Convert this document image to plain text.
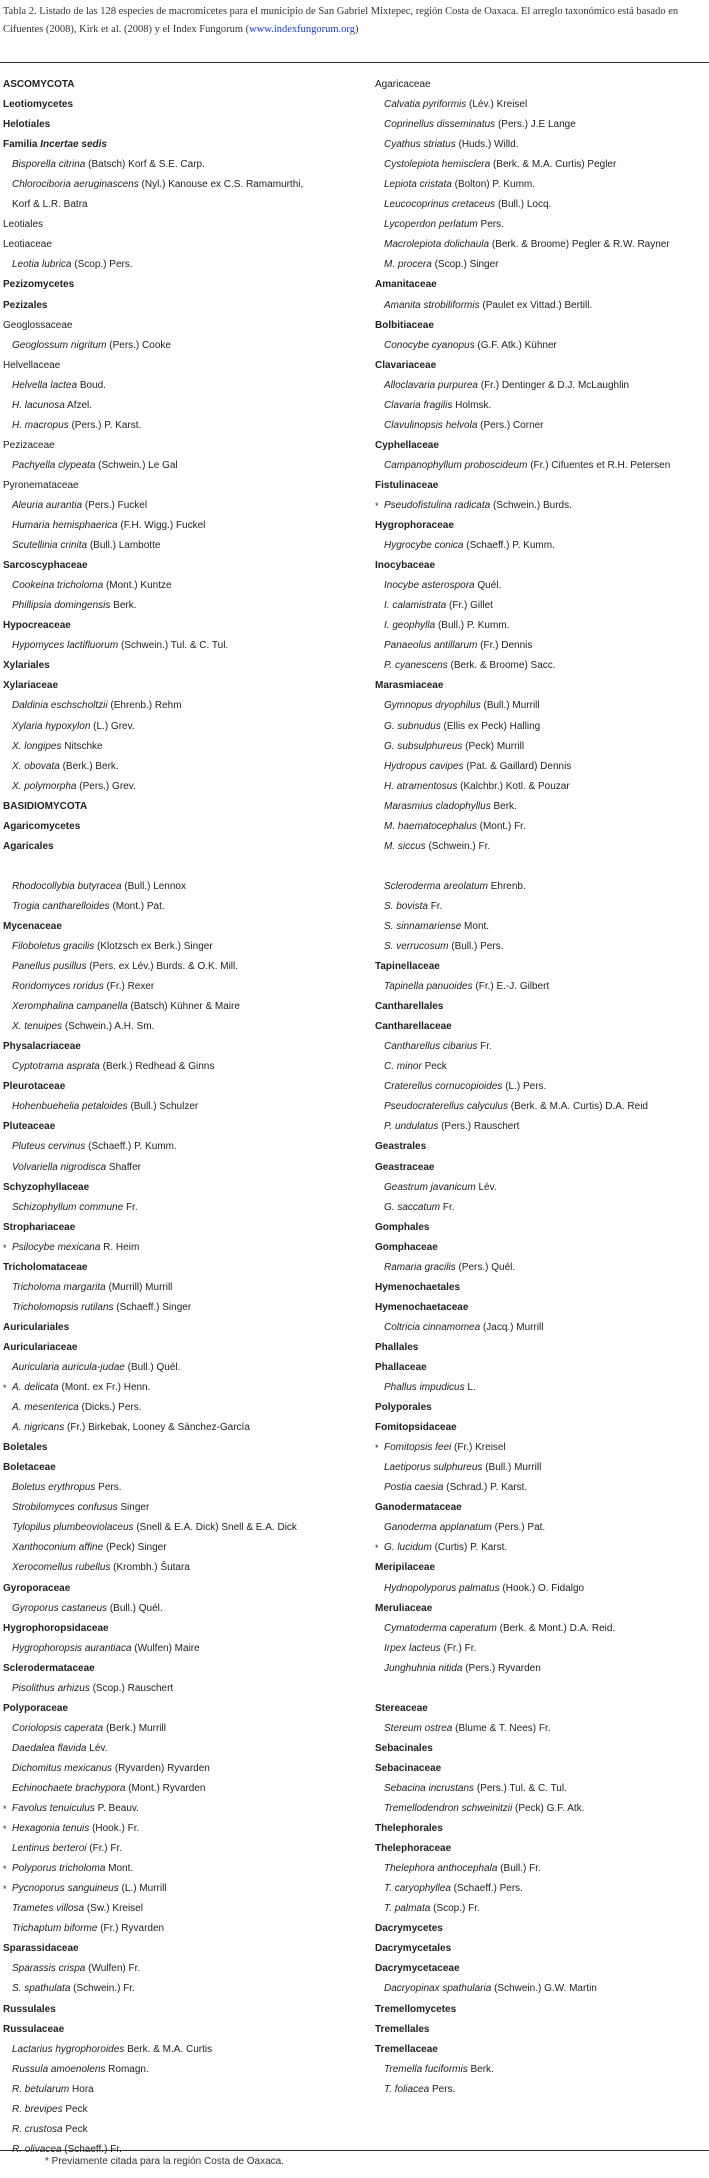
Tabla 2. Listado de las 128 especies de macromicetes para el municipio de San Gabriel Mixtepec, región Costa de Oaxaca. El arreglo taxonómico está basado en Cifuentes (2008), Kirk et al. (2008) y el Index Fungorum (www.indexfungorum.org)
ASCOMYCOTA
Leotiomycetes
Helotiales
Familia Incertae sedis
Bisporella citrina (Batsch) Korf & S.E. Carp.
Chlorociboria aeruginascens (Nyl.) Kanouse ex C.S. Ramamurthi,
Korf & L.R. Batra
Leotiales
Leotiaceae
Leotia lubrica (Scop.) Pers.
Pezizomycetes
Pezizales
Geoglossaceae
Geoglossum nigritum (Pers.) Cooke
Helvellaceae
Helvella lactea Boud.
H. lacunosa Afzel.
H. macropus (Pers.) P. Karst.
Pezizaceae
Pachyella clypeata (Schwein.) Le Gal
Pyronemataceae
Aleuria aurantia (Pers.) Fuckel
Humaria hemisphaerica (F.H. Wigg.) Fuckel
Scutellinia crinita (Bull.) Lambotte
Sarcoscyphaceae
Cookeina tricholoma (Mont.) Kuntze
Phillipsia domingensis Berk.
Hypocreaceae
Hypomyces lactifluorum (Schwein.) Tul. & C. Tul.
Xylariales
Xylariaceae
Daldinia eschscholtzii (Ehrenb.) Rehm
Xylaria hypoxylon (L.) Grev.
X. longipes Nitschke
X. obovata (Berk.) Berk.
X. polymorpha (Pers.) Grev.
BASIDIOMYCOTA
Agaricomycetes
Agaricales
Rhodocollybia butyracea (Bull.) Lennox
Trogia cantharelloides (Mont.) Pat.
Mycenaceae
Filoboletus gracilis (Klotzsch ex Berk.) Singer
Panellus pusillus (Pers. ex Lév.) Burds. & O.K. Mill.
Roridomyces roridus (Fr.) Rexer
Xeromphalina campanella (Batsch) Kühner & Maire
X. tenuipes (Schwein.) A.H. Sm.
Physalacriaceae
Cyptotrama asprata (Berk.) Redhead & Ginns
Pleurotaceae
Hohenbuehelia petaloides (Bull.) Schulzer
Pluteaceae
Pluteus cervinus (Schaeff.) P. Kumm.
Volvariella nigrodisca Shaffer
Schyzophyllaceae
Schizophyllum commune Fr.
Strophariaceae
* Psilocybe mexicana R. Heim
Tricholomataceae
Tricholoma margarita (Murrill) Murrill
Tricholomopsis rutilans (Schaeff.) Singer
Auriculariales
Auriculariaceae
Auricularia auricula-judae (Bull.) Quél.
* A. delicata (Mont. ex Fr.) Henn.
A. mesenterica (Dicks.) Pers.
A. nigricans (Fr.) Birkebak, Looney & Sánchez-García
Boletales
Boletaceae
Boletus erythropus Pers.
Strobilomyces confusus Singer
Tylopilus plumbeoviolaceus (Snell & E.A. Dick) Snell & E.A. Dick
Xanthoconium affine (Peck) Singer
Xerocomellus rubellus (Krombh.) Šutara
Gyroporaceae
Gyroporus castaneus (Bull.) Quél.
Hygrophoropsidaceae
Hygrophoropsis aurantiaca (Wulfen) Maire
Sclerodermataceae
Pisolithus arhizus (Scop.) Rauschert
Polyporaceae
Coriolopsis caperata (Berk.) Murrill
Daedalea flavida Lév.
Dichomitus mexicanus (Ryvarden) Ryvarden
Echinochaete brachypora (Mont.) Ryvarden
* Favolus tenuiculus P. Beauv.
* Hexagonia tenuis (Hook.) Fr.
Lentinus berteroi (Fr.) Fr.
* Polyporus tricholoma Mont.
* Pycnoporus sanguineus (L.) Murrill
Trametes villosa (Sw.) Kreisel
Trichaptum biforme (Fr.) Ryvarden
Sparassidaceae
Sparassis crispa (Wulfen) Fr.
S. spathulata (Schwein.) Fr.
Russulales
Russulaceae
Lactarius hygrophoroides Berk. & M.A. Curtis
Russula amoenolens Romagn.
R. betularum Hora
R. brevipes Peck
R. crustosa Peck
R. olivacea (Schaeff.) Fr.
Agaricaceae
Calvatia pyriformis (Lév.) Kreisel
Coprinellus disseminatus (Pers.) J.E Lange
Cyathus striatus (Huds.) Willd.
Cystolepiota hemisclera (Berk. & M.A. Curtis) Pegler
Lepiota cristata (Bolton) P. Kumm.
Leucocoprinus cretaceus (Bull.) Locq.
Lycoperdon perlatum Pers.
Macrolepiota dolichaula (Berk. & Broome) Pegler & R.W. Rayner
M. procera (Scop.) Singer
Amanitaceae
Amanita strobiliformis (Paulet ex Vittad.) Bertill.
Bolbitiaceae
Conocybe cyanopus (G.F. Atk.) Kühner
Clavariaceae
Alloclavaria purpurea (Fr.) Dentinger & D.J. McLaughlin
Clavaria fragilis Holmsk.
Clavulinopsis helvola (Pers.) Corner
Cyphellaceae
Campanophyllum proboscideum (Fr.) Cifuentes et R.H. Petersen
Fistulinaceae
* Pseudofistulina radicata (Schwein.) Burds.
Hygrophoraceae
Hygrocybe conica (Schaeff.) P. Kumm.
Inocybaceae
Inocybe asterospora Quél.
I. calamistrata (Fr.) Gillet
I. geophylla (Bull.) P. Kumm.
Panaeolus antillarum (Fr.) Dennis
P. cyanescens (Berk. & Broome) Sacc.
Marasmiaceae
Gymnopus dryophilus (Bull.) Murrill
G. subnudus (Ellis ex Peck) Halling
G. subsulphureus (Peck) Murrill
Hydropus cavipes (Pat. & Gaillard) Dennis
H. atramentosus (Kalchbr.) Kotl. & Pouzar
Marasmius cladophyllus Berk.
M. haematocephalus (Mont.) Fr.
M. siccus (Schwein.) Fr.
Scleroderma areolatum Ehrenb.
S. bovista Fr.
S. sinnamariense Mont.
S. verrucosum (Bull.) Pers.
Tapinellaceae
Tapinella panuoides (Fr.) E.-J. Gilbert
Cantharellales
Cantharellaceae
Cantharellus cibarius Fr.
C. minor Peck
Craterellus cornucopioides (L.) Pers.
Pseudocraterellus calyculus (Berk. & M.A. Curtis) D.A. Reid
P. undulatus (Pers.) Rauschert
Geastrales
Geastraceae
Geastrum javanicum Lév.
G. saccatum Fr.
Gomphales
Gomphaceae
Ramaria gracilis (Pers.) Quél.
Hymenochaetales
Hymenochaetaceae
Coltricia cinnamomea (Jacq.) Murrill
Phallales
Phallaceae
Phallus impudicus L.
Polyporales
Fomitopsidaceae
* Fomitopsis feei (Fr.) Kreisel
Laetiporus sulphureus (Bull.) Murrill
Postia caesia (Schrad.) P. Karst.
Ganodermataceae
Ganoderma applanatum (Pers.) Pat.
* G. lucidum (Curtis) P. Karst.
Meripilaceae
Hydnopolyporus palmatus (Hook.) O. Fidalgo
Meruliaceae
Cymatoderma caperatum (Berk. & Mont.) D.A. Reid.
Irpex lacteus (Fr.) Fr.
Junghuhnia nitida (Pers.) Ryvarden
Stereaceae
Stereum ostrea (Blume & T. Nees) Fr.
Sebacinales
Sebacinaceae
Sebacina incrustans (Pers.) Tul. & C. Tul.
Tremellodendron schweinitzii (Peck) G.F. Atk.
Thelephorales
Thelephoraceae
Thelephora anthocephala (Bull.) Fr.
T. caryophyllea (Schaeff.) Pers.
T. palmata (Scop.) Fr.
Dacrymycetes
Dacrymycetales
Dacrymycetaceae
Dacryopinax spathularia (Schwein.) G.W. Martin
Tremellomycetes
Tremellales
Tremellaceae
Tremella fuciformis Berk.
T. foliacea Pers.
* Previamente citada para la región Costa de Oaxaca.
